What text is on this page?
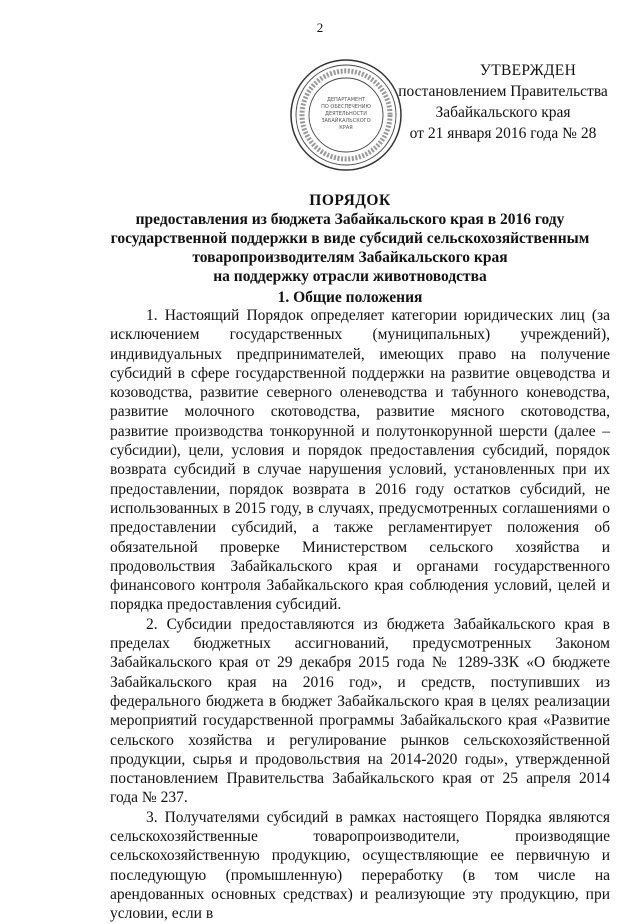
2
ДЕПАРТАМЕНТ
ПО ОБЕСПЕЧЕНИЮ
ДЕЯТЕЛЬНОСТИ
ЗАБАЙКАЛЬСКОГО
КРАЯ
УТВЕРЖДЕН
постановлением Правительства
Забайкальского края
от 21 января 2016 года № 28
ПОРЯДОК
предоставления из бюджета Забайкальского края в 2016 году
государственной поддержки в виде субсидий сельскохозяйственным
товаропроизводителям Забайкальского края
на поддержку отрасли животноводства
1. Общие положения

1. Настоящий Порядок определяет категории юридических лиц (за исключением государственных (муниципальных) учреждений), индивидуальных предпринимателей, имеющих право на получение субсидий в сфере государственной поддержки на развитие овцеводства и козоводства, развитие северного оленеводства и табунного коневодства, развитие молочного скотоводства, развитие мясного скотоводства, развитие производства тонкорунной и полутонкорунной шерсти (далее – субсидии), цели, условия и порядок предоставления субсидий, порядок возврата субсидий в случае нарушения условий, установленных при их предоставлении, порядок возврата в 2016 году остатков субсидий, не использованных в 2015 году, в случаях, предусмотренных соглашениями о предоставлении субсидий, а также регламентирует положения об обязательной проверке Министерством сельского хозяйства и продовольствия Забайкальского края и органами государственного финансового контроля Забайкальского края соблюдения условий, целей и порядка предоставления субсидий.

2. Субсидии предоставляются из бюджета Забайкальского края в пределах бюджетных ассигнований, предусмотренных Законом Забайкальского края от 29 декабря 2015 года № 1289-ЗЗК «О бюджете Забайкальского края на 2016 год», и средств, поступивших из федерального бюджета в бюджет Забайкальского края в целях реализации мероприятий государственной программы Забайкальского края «Развитие сельского хозяйства и регулирование рынков сельскохозяйственной продукции, сырья и продовольствия на 2014-2020 годы», утвержденной постановлением Правительства Забайкальского края от 25 апреля 2014 года № 237.

3. Получателями субсидий в рамках настоящего Порядка являются сельскохозяйственные товаропроизводители, производящие сельскохозяйственную продукцию, осуществляющие ее первичную и последующую (промышленную) переработку (в том числе на арендованных основных средствах) и реализующие эту продукцию, при условии, если в
